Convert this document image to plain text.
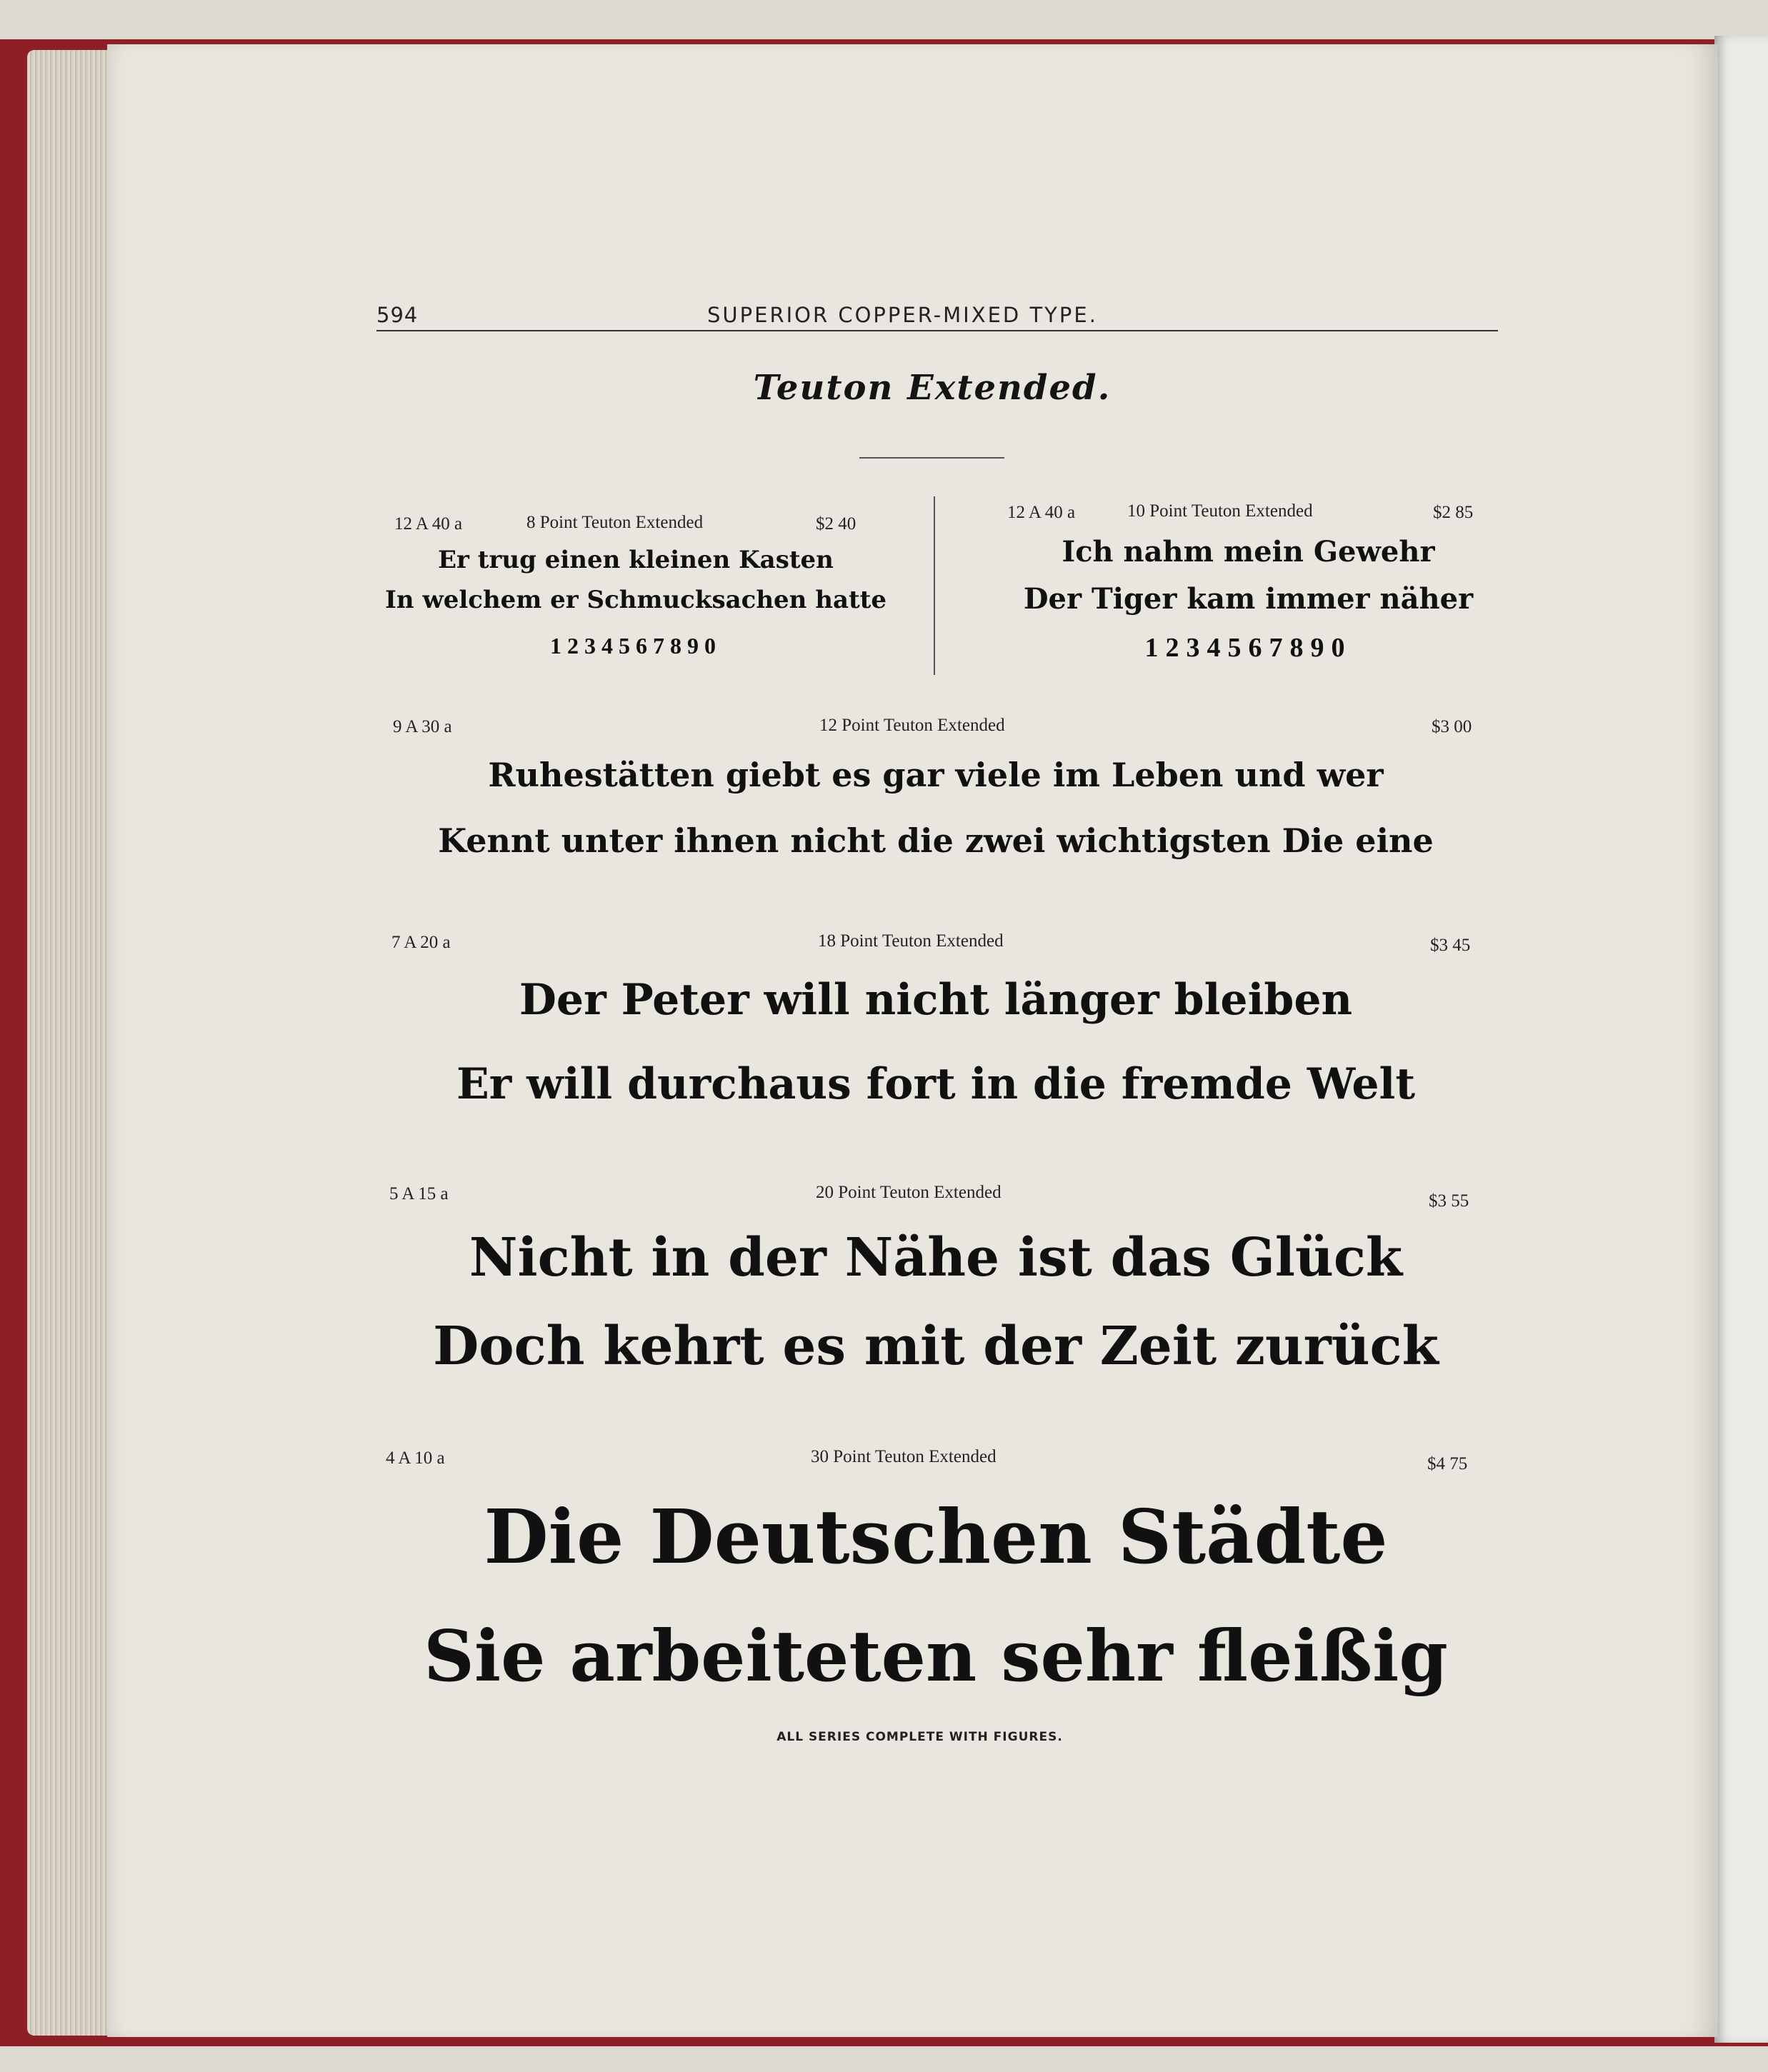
594	SUPERIOR COPPER-MIXED TYPE.
Teuton Extended.
12 A 40 a	8 Point Teuton Extended	$2 40
Er trug einen kleinen Kasten
In welchem er Schmucksachen hatte
1234567890
12 A 40 a	10 Point Teuton Extended	$2 85
Ich nahm mein Gewehr
Der Tiger kam immer näher
1234567890
9 A 30 a	12 Point Teuton Extended	$3 00
Ruhestätten giebt es gar viele im Leben und wer
Kennt unter ihnen nicht die zwei wichtigsten Die eine
7 A 20 a	18 Point Teuton Extended	$3 45
Der Peter will nicht länger bleiben
Er will durchaus fort in die fremde Welt
5 A 15 a	20 Point Teuton Extended	$3 55
Nicht in der Nähe ist das Glück
Doch kehrt es mit der Zeit zurück
4 A 10 a	30 Point Teuton Extended	$4 75
Die Deutschen Städte
Sie arbeiteten sehr fleißig
ALL SERIES COMPLETE WITH FIGURES.
